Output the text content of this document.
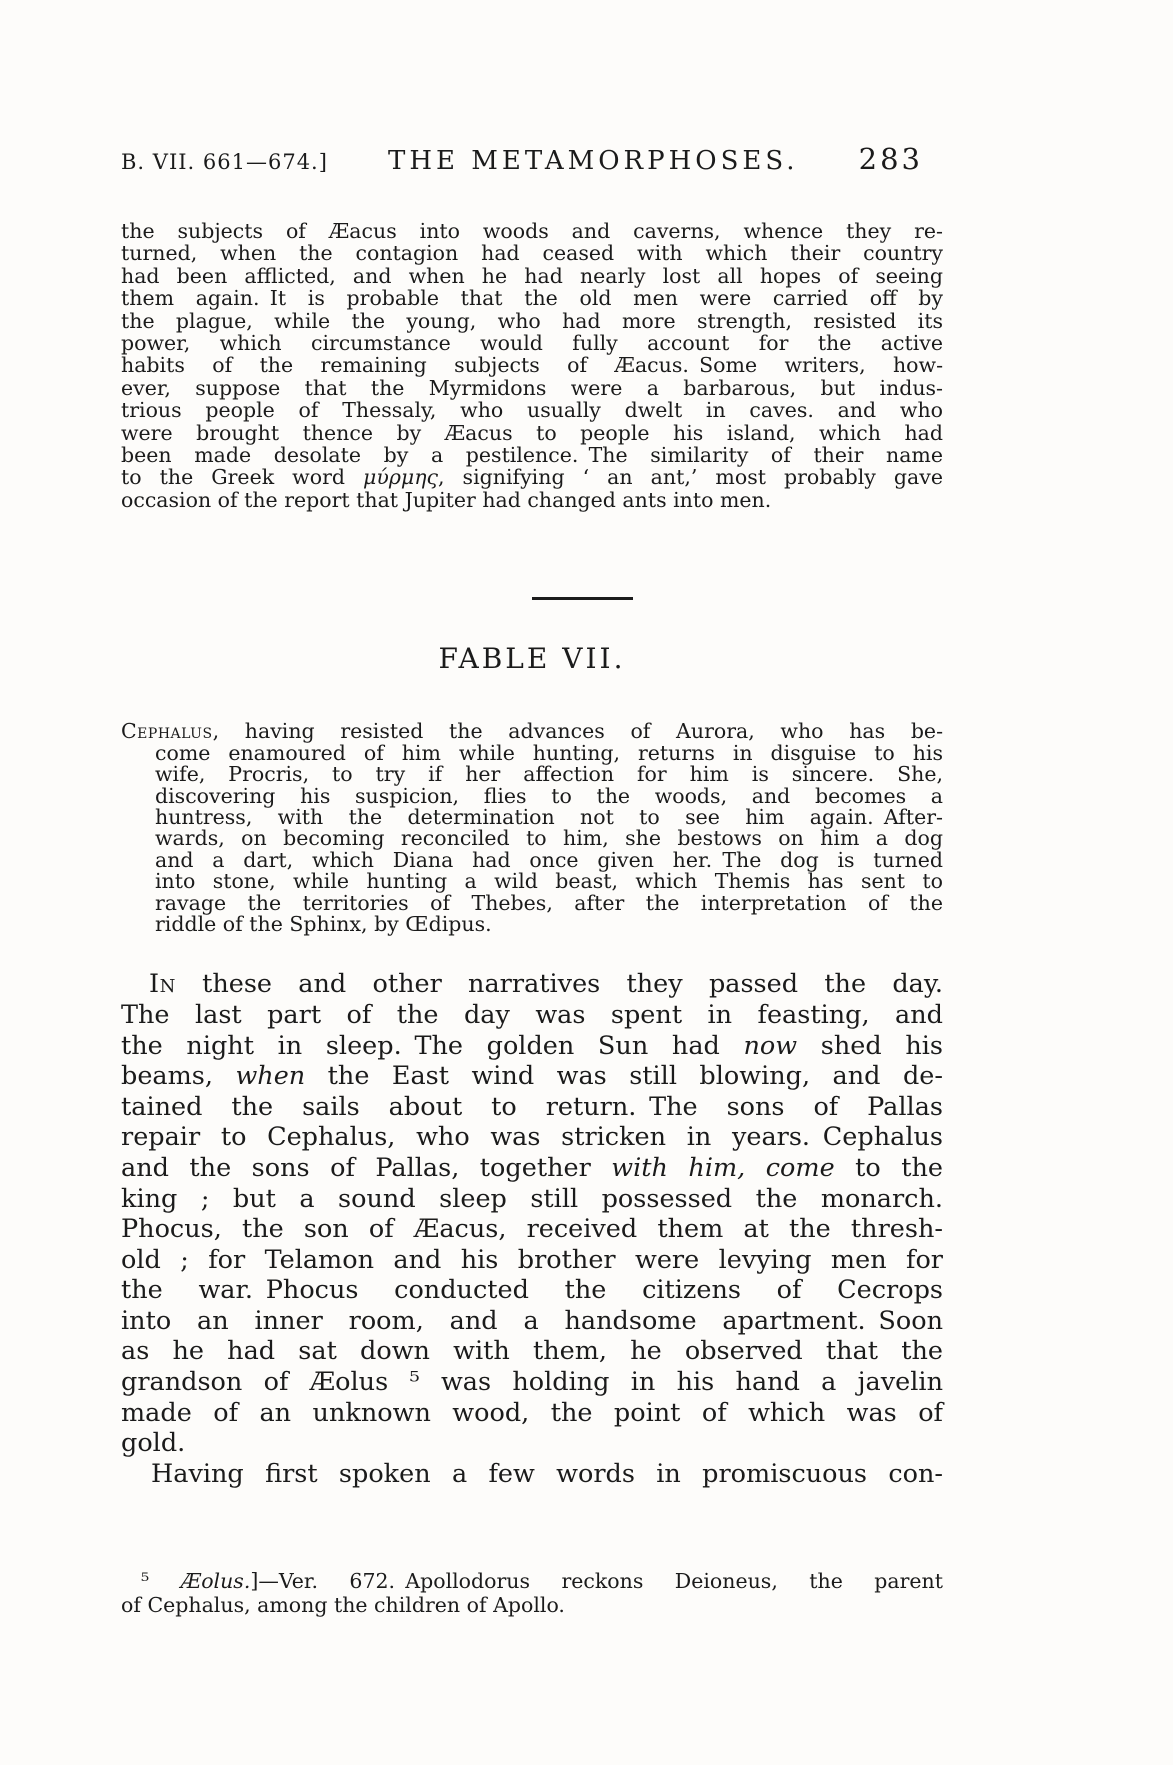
B. VII. 661—674.]	THE METAMORPHOSES.	283
the subjects of Æacus into woods and caverns, whence they re-
turned, when the contagion had ceased with which their country
had been afflicted, and when he had nearly lost all hopes of seeing
them again. It is probable that the old men were carried off by
the plague, while the young, who had more strength, resisted its
power, which circumstance would fully account for the active
habits of the remaining subjects of Æacus. Some writers, how-
ever, suppose that the Myrmidons were a barbarous, but indus-
trious people of Thessaly, who usually dwelt in caves. and who
were brought thence by Æacus to people his island, which had
been made desolate by a pestilence. The similarity of their name
to the Greek word μύρμης, signifying ‘ an ant,’ most probably gave
occasion of the report that Jupiter had changed ants into men.
FABLE VII.
Cephalus, having resisted the advances of Aurora, who has be-
come enamoured of him while hunting, returns in disguise to his
wife, Procris, to try if her affection for him is sincere. She,
discovering his suspicion, flies to the woods, and becomes a
huntress, with the determination not to see him again. After-
wards, on becoming reconciled to him, she bestows on him a dog
and a dart, which Diana had once given her. The dog is turned
into stone, while hunting a wild beast, which Themis has sent to
ravage the territories of Thebes, after the interpretation of the
riddle of the Sphinx, by Œdipus.
In these and other narratives they passed the day.
The last part of the day was spent in feasting, and
the night in sleep. The golden Sun had now shed his
beams, when the East wind was still blowing, and de-
tained the sails about to return. The sons of Pallas
repair to Cephalus, who was stricken in years. Cephalus
and the sons of Pallas, together with him, come to the
king ; but a sound sleep still possessed the monarch.
Phocus, the son of Æacus, received them at the thresh-
old ; for Telamon and his brother were levying men for
the war. Phocus conducted the citizens of Cecrops
into an inner room, and a handsome apartment. Soon
as he had sat down with them, he observed that the
grandson of Æolus ⁵ was holding in his hand a javelin
made of an unknown wood, the point of which was of
gold.
Having first spoken a few words in promiscuous con-
⁵ Æolus.]—Ver. 672. Apollodorus reckons Deioneus, the parent
of Cephalus, among the children of Apollo.
